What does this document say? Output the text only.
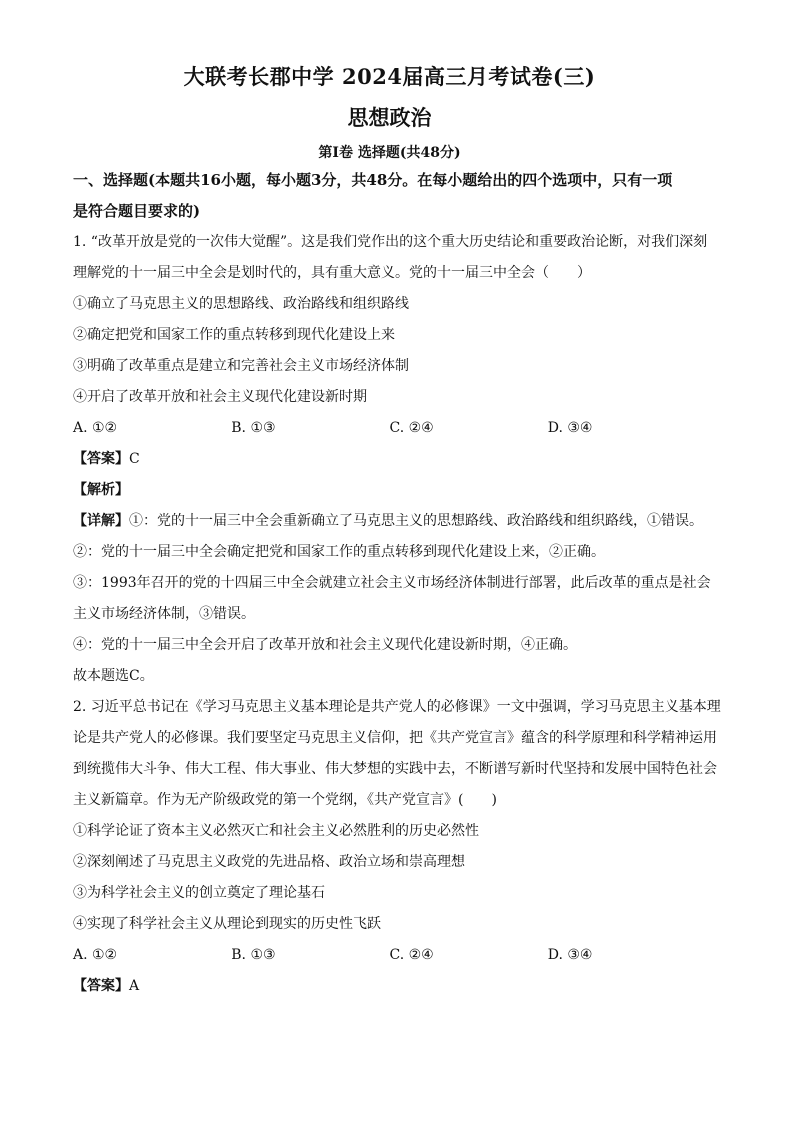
大联考长郡中学 2024届高三月考试卷(三)

思想政治

第Ⅰ卷 选择题(共48分)

一、选择题(本题共16小题，每小题3分，共48分。在每小题给出的四个选项中，只有一项

是符合题目要求的)

1. “改革开放是党的一次伟大觉醒”。这是我们党作出的这个重大历史结论和重要政治论断，对我们深刻

理解党的十一届三中全会是划时代的，具有重大意义。党的十一届三中全会（　　）

①确立了马克思主义的思想路线、政治路线和组织路线

②确定把党和国家工作的重点转移到现代化建设上来

③明确了改革重点是建立和完善社会主义市场经济体制

④开启了改革开放和社会主义现代化建设新时期

A. ①②	B. ①③	C. ②④	D. ③④

【答案】C

【解析】

【详解】①：党的十一届三中全会重新确立了马克思主义的思想路线、政治路线和组织路线，①错误。

②：党的十一届三中全会确定把党和国家工作的重点转移到现代化建设上来，②正确。

③：1993年召开的党的十四届三中全会就建立社会主义市场经济体制进行部署，此后改革的重点是社会

主义市场经济体制，③错误。

④：党的十一届三中全会开启了改革开放和社会主义现代化建设新时期，④正确。

故本题选C。

2. 习近平总书记在《学习马克思主义基本理论是共产党人的必修课》一文中强调，学习马克思主义基本理

论是共产党人的必修课。我们要坚定马克思主义信仰，把《共产党宣言》蕴含的科学原理和科学精神运用

到统揽伟大斗争、伟大工程、伟大事业、伟大梦想的实践中去，不断谱写新时代坚持和发展中国特色社会

主义新篇章。作为无产阶级政党的第一个党纲，《共产党宣言》(　　)

①科学论证了资本主义必然灭亡和社会主义必然胜利的历史必然性

②深刻阐述了马克思主义政党的先进品格、政治立场和崇高理想

③为科学社会主义的创立奠定了理论基石

④实现了科学社会主义从理论到现实的历史性飞跃

A. ①②	B. ①③	C. ②④	D. ③④

【答案】A
